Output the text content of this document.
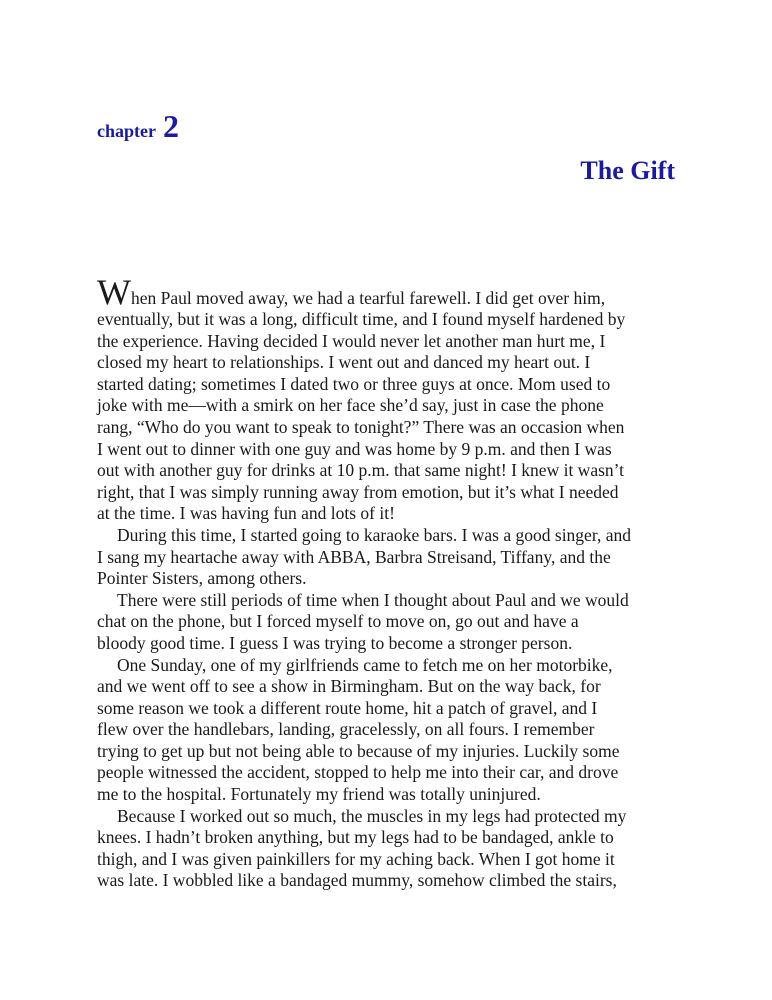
chapter 2
The Gift
When Paul moved away, we had a tearful farewell. I did get over him,
eventually, but it was a long, difficult time, and I found myself hardened by
the experience. Having decided I would never let another man hurt me, I
closed my heart to relationships. I went out and danced my heart out. I
started dating; sometimes I dated two or three guys at once. Mom used to
joke with me—with a smirk on her face she’d say, just in case the phone
rang, “Who do you want to speak to tonight?” There was an occasion when
I went out to dinner with one guy and was home by 9 p.m. and then I was
out with another guy for drinks at 10 p.m. that same night! I knew it wasn’t
right, that I was simply running away from emotion, but it’s what I needed
at the time. I was having fun and lots of it!
During this time, I started going to karaoke bars. I was a good singer, and
I sang my heartache away with ABBA, Barbra Streisand, Tiffany, and the
Pointer Sisters, among others.
There were still periods of time when I thought about Paul and we would
chat on the phone, but I forced myself to move on, go out and have a
bloody good time. I guess I was trying to become a stronger person.
One Sunday, one of my girlfriends came to fetch me on her motorbike,
and we went off to see a show in Birmingham. But on the way back, for
some reason we took a different route home, hit a patch of gravel, and I
flew over the handlebars, landing, gracelessly, on all fours. I remember
trying to get up but not being able to because of my injuries. Luckily some
people witnessed the accident, stopped to help me into their car, and drove
me to the hospital. Fortunately my friend was totally uninjured.
Because I worked out so much, the muscles in my legs had protected my
knees. I hadn’t broken anything, but my legs had to be bandaged, ankle to
thigh, and I was given painkillers for my aching back. When I got home it
was late. I wobbled like a bandaged mummy, somehow climbed the stairs,
